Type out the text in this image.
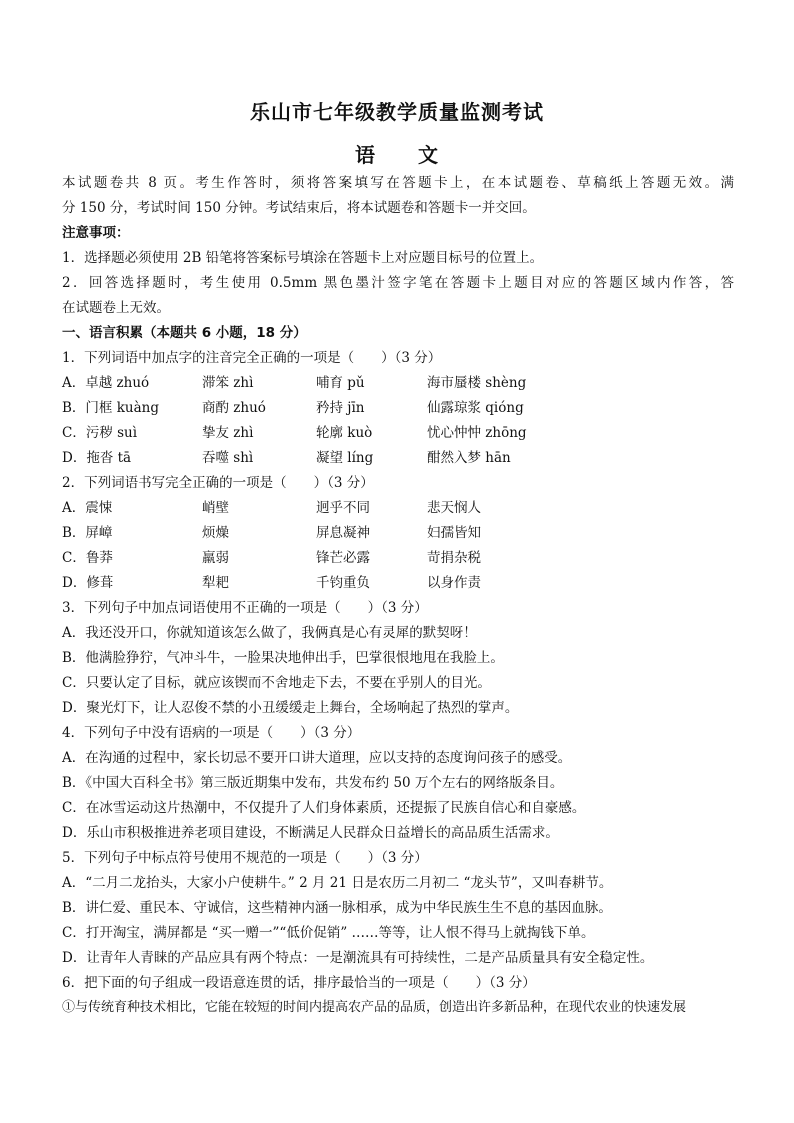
乐山市七年级教学质量监测考试
语　　文
本试题卷共 8 页。考生作答时，须将答案填写在答题卡上，在本试题卷、草稿纸上答题无效。满
分 150 分，考试时间 150 分钟。考试结束后，将本试题卷和答题卡一并交回。
注意事项：
1．选择题必须使用 2B 铅笔将答案标号填涂在答题卡上对应题目标号的位置上。
2．回答选择题时，考生使用 0.5mm 黑色墨汁签字笔在答题卡上题目对应的答题区域内作答，答
在试题卷上无效。
一、语言积累（本题共 6 小题，18 分）
1．下列词语中加点字的注音完全正确的一项是（　　）（3 分）
A．卓越 zhuó	滞笨 zhì	哺育 pǔ	海市蜃楼 shèng
B．门框 kuàng	商酌 zhuó	矜持 jīn	仙露琼浆 qióng
C．污秽 suì	挚友 zhì	轮廓 kuò	忧心忡忡 zhōng
D．拖沓 tā	吞噬 shì	凝望 líng	酣然入梦 hān
2．下列词语书写完全正确的一项是（　　）（3 分）
A．震悚	峭壁	迥乎不同	悲天悯人
B．屏嶂	烦燥	屏息凝神	妇孺皆知
C．鲁莽	羸弱	锋芒必露	苛捐杂税
D．修葺	犁耙	千钧重负	以身作责
3．下列句子中加点词语使用不正确的一项是（　　）（3 分）
A．我还没开口，你就知道该怎么做了，我俩真是心有灵犀的默契呀！
B．他满脸狰狞，气冲斗牛，一脸果决地伸出手，巴掌很恨地甩在我脸上。
C．只要认定了目标，就应该锲而不舍地走下去，不要在乎别人的目光。
D．聚光灯下，让人忍俊不禁的小丑缓缓走上舞台，全场响起了热烈的掌声。
4．下列句子中没有语病的一项是（　　）（3 分）
A．在沟通的过程中，家长切忌不要开口讲大道理，应以支持的态度询问孩子的感受。
B．《中国大百科全书》第三版近期集中发布，共发布约 50 万个左右的网络版条目。
C．在冰雪运动这片热潮中，不仅提升了人们身体素质，还提振了民族自信心和自豪感。
D．乐山市积极推进养老项目建设，不断满足人民群众日益增长的高品质生活需求。
5．下列句子中标点符号使用不规范的一项是（　　）（3 分）
A．“二月二龙抬头，大家小户使耕牛。” 2 月 21 日是农历二月初二 “龙头节”，又叫春耕节。
B．讲仁爱、重民本、守诚信，这些精神内涵一脉相承，成为中华民族生生不息的基因血脉。
C．打开淘宝，满屏都是 “买一赠一”“低价促销” ……等等，让人恨不得马上就掏钱下单。
D．让青年人青睐的产品应具有两个特点：一是潮流具有可持续性，二是产品质量具有安全稳定性。
6．把下面的句子组成一段语意连贯的话，排序最恰当的一项是（　　）（3 分）
①与传统育种技术相比，它能在较短的时间内提高农产品的品质，创造出许多新品种，在现代农业的快速发展
